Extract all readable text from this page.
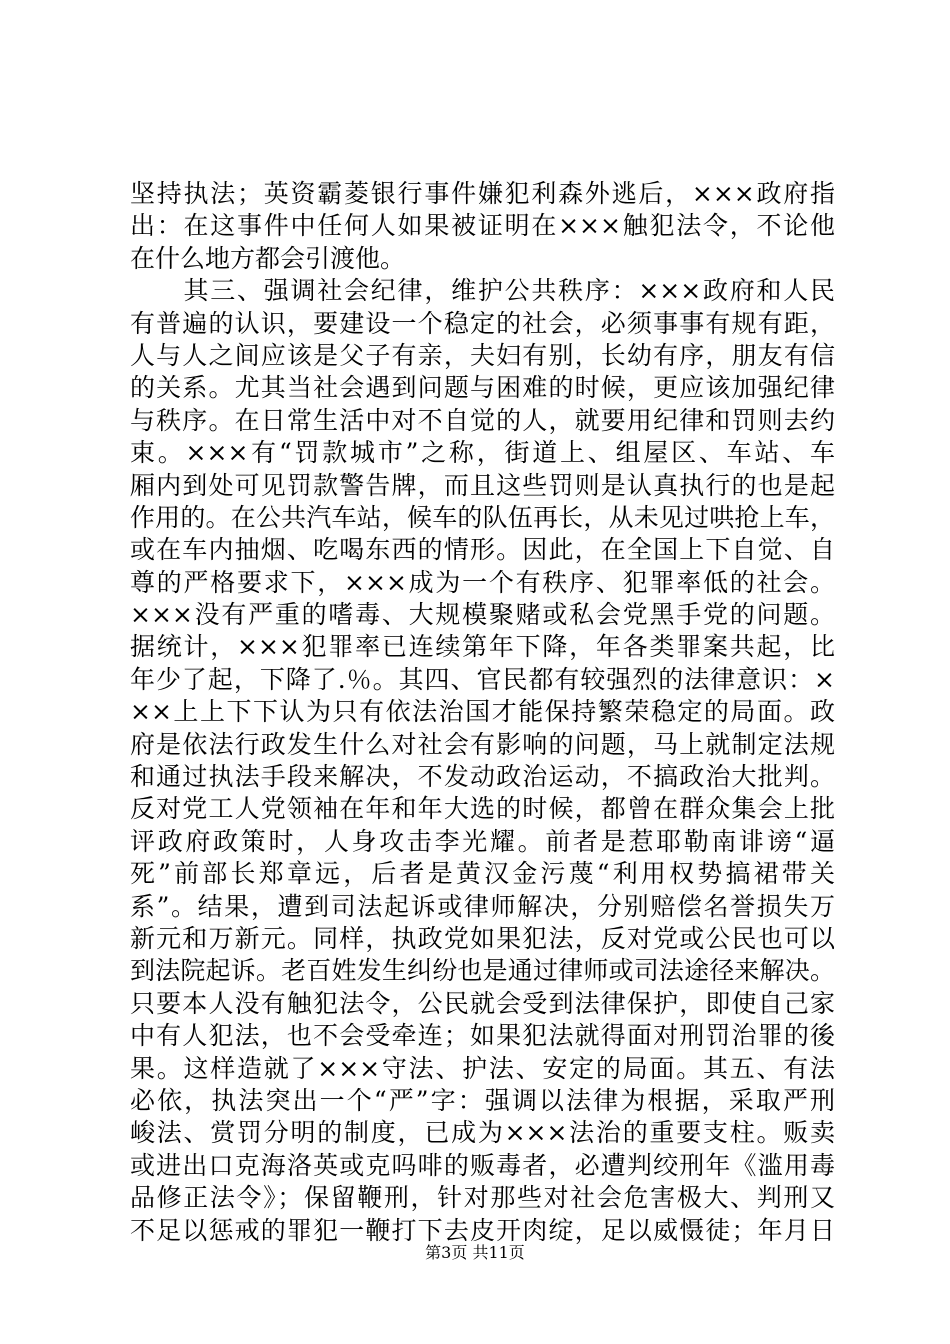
坚持执法；英资霸菱银行事件嫌犯利森外逃后，×××政府指
出：在这事件中任何人如果被证明在×××触犯法令，不论他
在什么地方都会引渡他。
　　其三、强调社会纪律，维护公共秩序：×××政府和人民
有普遍的认识，要建设一个稳定的社会，必须事事有规有距，
人与人之间应该是父子有亲，夫妇有别，长幼有序，朋友有信
的关系。尤其当社会遇到问题与困难的时候，更应该加强纪律
与秩序。在日常生活中对不自觉的人，就要用纪律和罚则去约
束。×××有“罚款城市”之称，街道上、组屋区、车站、车
厢内到处可见罚款警告牌，而且这些罚则是认真执行的也是起
作用的。在公共汽车站，候车的队伍再长，从未见过哄抢上车，
或在车内抽烟、吃喝东西的情形。因此，在全国上下自觉、自
尊的严格要求下，×××成为一个有秩序、犯罪率低的社会。
×××没有严重的嗜毒、大规模聚赌或私会党黑手党的问题。
据统计，×××犯罪率已连续第年下降，年各类罪案共起，比
年少了起，下降了.％。其四、官民都有较强烈的法律意识：×
××上上下下认为只有依法治国才能保持繁荣稳定的局面。政
府是依法行政发生什么对社会有影响的问题，马上就制定法规
和通过执法手段来解决，不发动政治运动，不搞政治大批判。
反对党工人党领袖在年和年大选的时候，都曾在群众集会上批
评政府政策时，人身攻击李光耀。前者是惹耶勒南诽谤“逼
死”前部长郑章远，后者是黄汉金污蔑“利用权势搞裙带关
系”。结果，遭到司法起诉或律师解决，分别赔偿名誉损失万
新元和万新元。同样，执政党如果犯法，反对党或公民也可以
到法院起诉。老百姓发生纠纷也是通过律师或司法途径来解决。
只要本人没有触犯法令，公民就会受到法律保护，即使自己家
中有人犯法，也不会受牵连；如果犯法就得面对刑罚治罪的後
果。这样造就了×××守法、护法、安定的局面。其五、有法
必依，执法突出一个“严”字：强调以法律为根据，采取严刑
峻法、赏罚分明的制度，已成为×××法治的重要支柱。贩卖
或进出口克海洛英或克吗啡的贩毒者，必遭判绞刑年《滥用毒
品修正法令》；保留鞭刑，针对那些对社会危害极大、判刑又
不足以惩戒的罪犯一鞭打下去皮开肉绽，足以威慑徒；年月日
第3页 共11页
